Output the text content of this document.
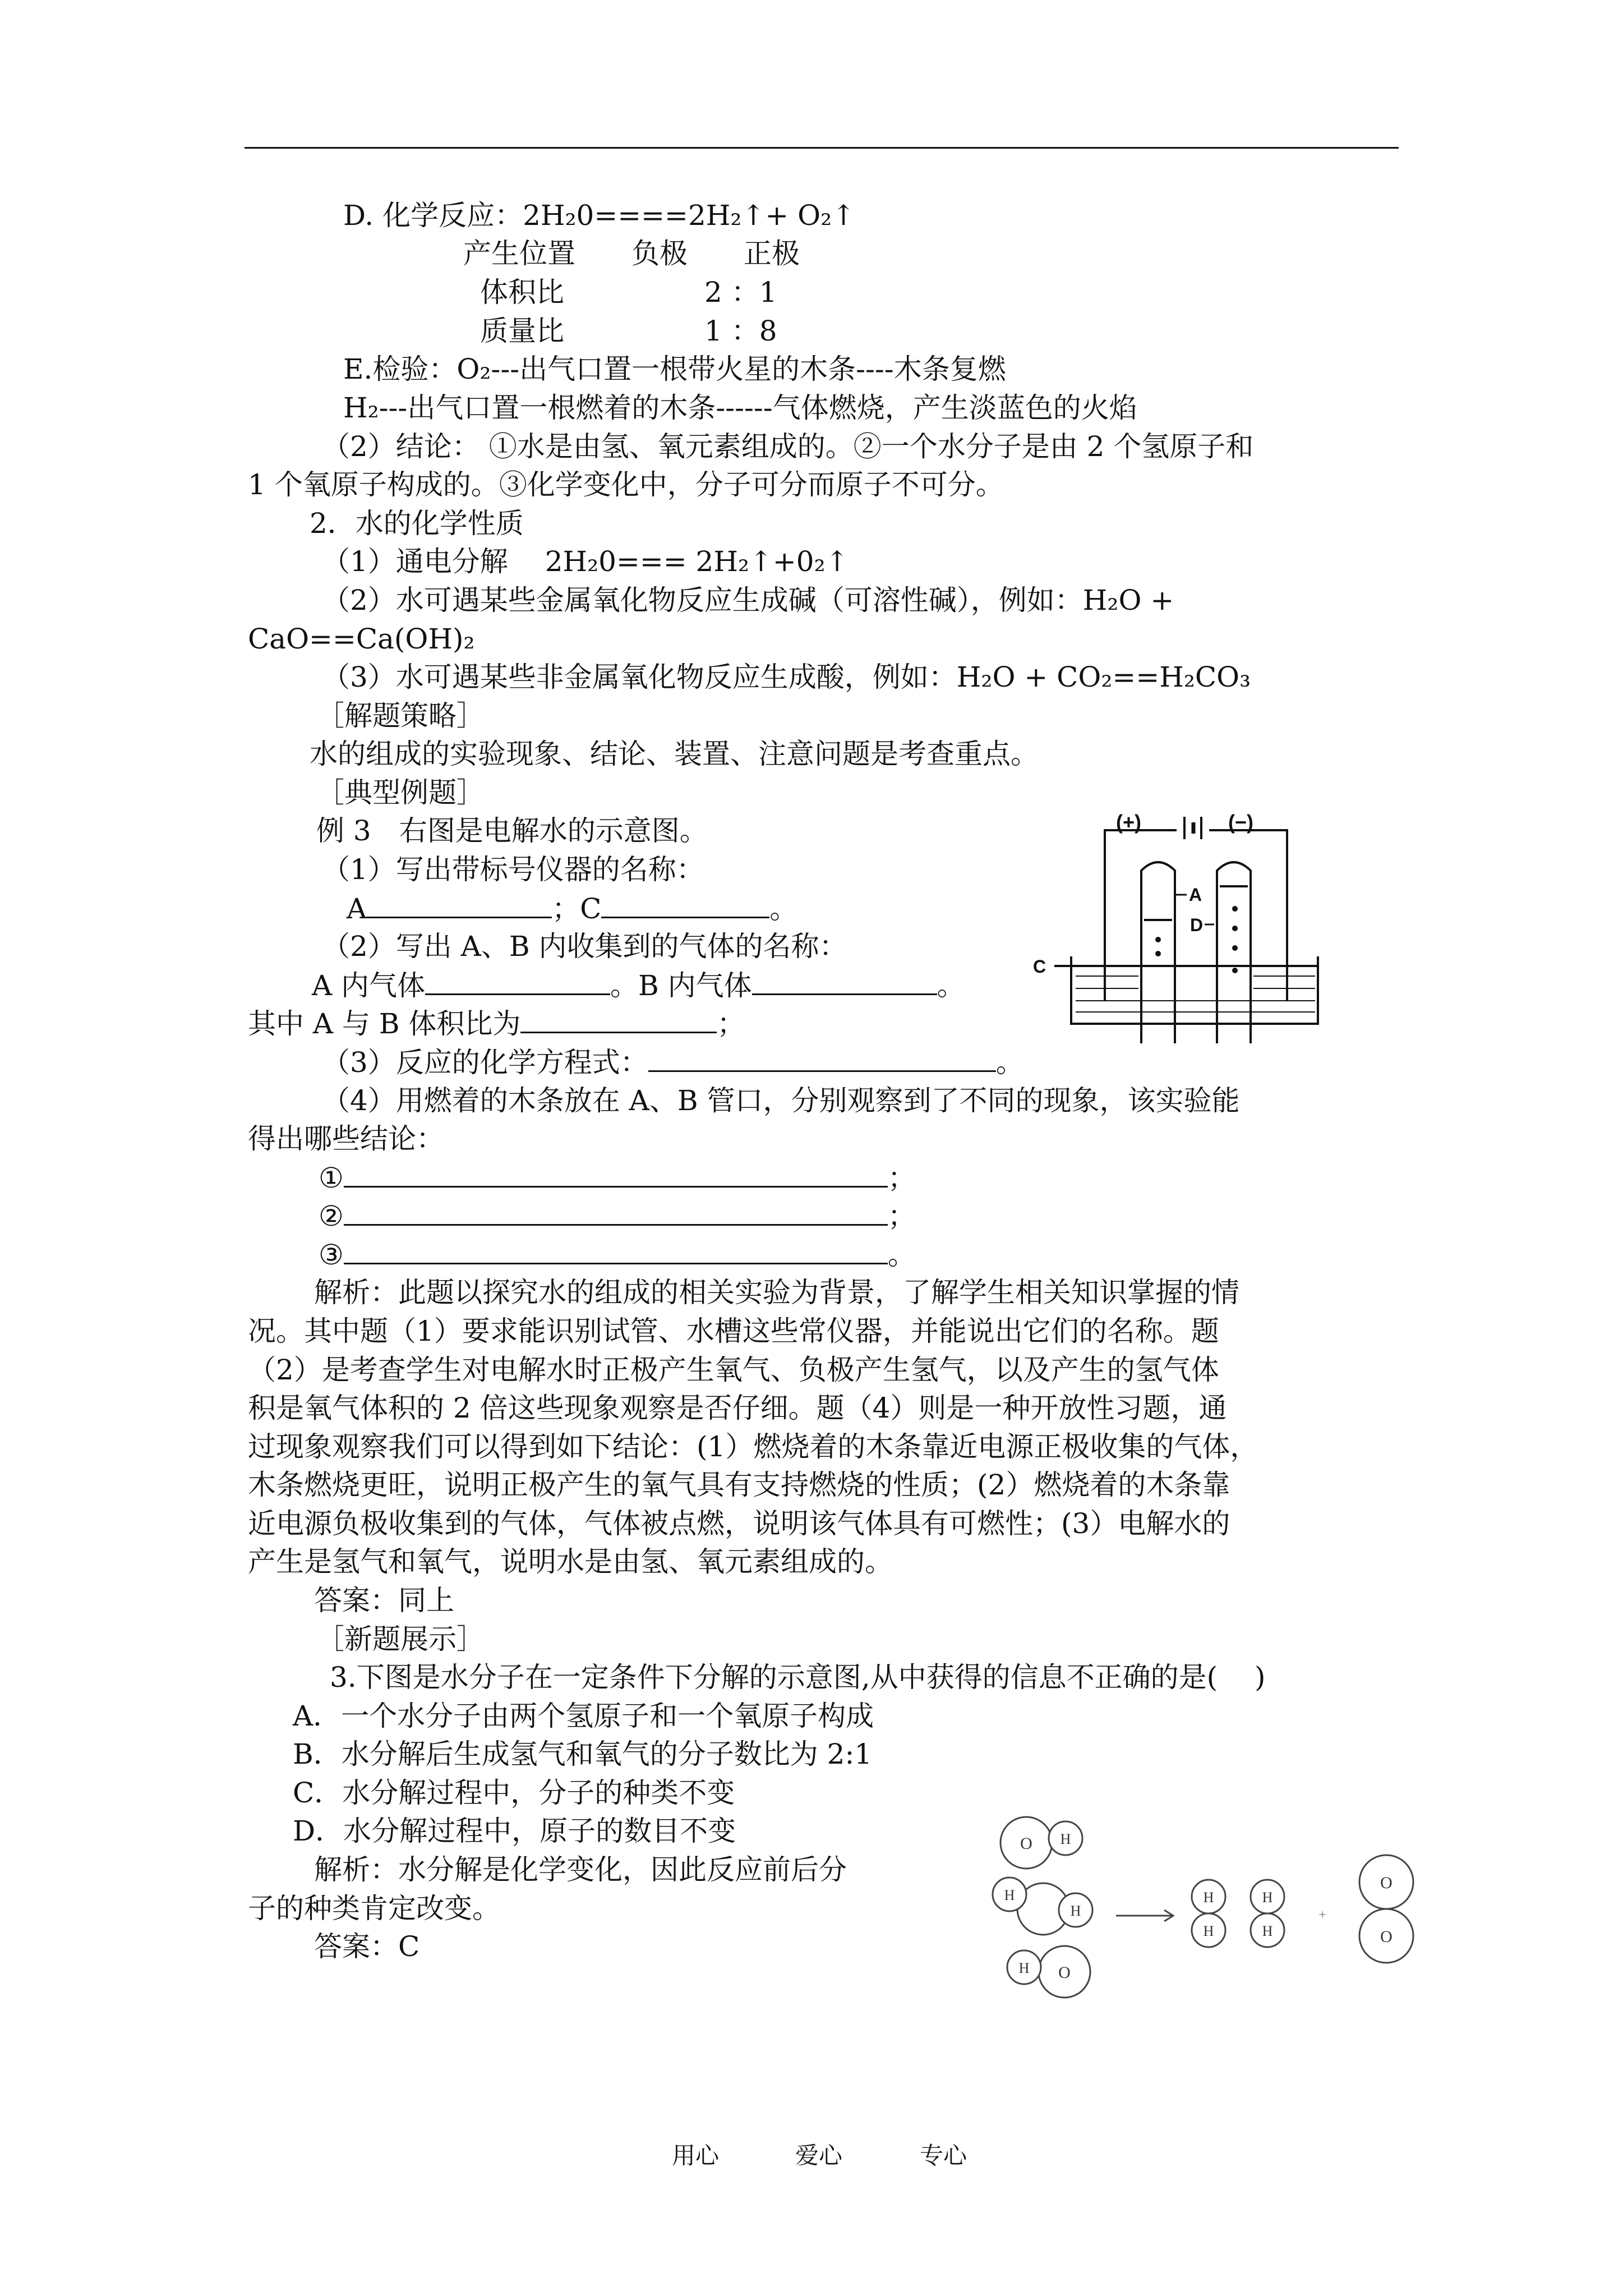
D. 化学反应：2H₂0====2H₂↑+ O₂↑
产生位置　　负极　　正极
体积比　　　　　2 ：1
质量比　　　　　1 ：8
E.检验：O₂---出气口置一根带火星的木条----木条复燃
H₂---出气口置一根燃着的木条------气体燃烧，产生淡蓝色的火焰
（2）结论： ①水是由氢、氧元素组成的。②一个水分子是由 2 个氢原子和
1 个氧原子构成的。③化学变化中，分子可分而原子不可分。
2．水的化学性质
（1）通电分解　 2H₂0=== 2H₂↑+0₂↑
（2）水可遇某些金属氧化物反应生成碱（可溶性碱），例如：H₂O +
CaO==Ca(OH)₂
（3）水可遇某些非金属氧化物反应生成酸，例如：H₂O + CO₂==H₂CO₃
［解题策略］
水的组成的实验现象、结论、装置、注意问题是考查重点。
［典型例题］
例 3　右图是电解水的示意图。
（1）写出带标号仪器的名称：
A	；C	。
（2）写出 A、B 内收集到的气体的名称：
A 内气体	。B 内气体	。
其中 A 与 B 体积比为	；
（3）反应的化学方程式：	。
（4）用燃着的木条放在 A、B 管口，分别观察到了不同的现象，该实验能
得出哪些结论：
①	；
②	；
③	。
解析：此题以探究水的组成的相关实验为背景，了解学生相关知识掌握的情
况。其中题（1）要求能识别试管、水槽这些常仪器，并能说出它们的名称。题
（2）是考查学生对电解水时正极产生氧气、负极产生氢气，以及产生的氢气体
积是氧气体积的 2 倍这些现象观察是否仔细。题（4）则是一种开放性习题，通
过现象观察我们可以得到如下结论：(1）燃烧着的木条靠近电源正极收集的气体，
木条燃烧更旺，说明正极产生的氧气具有支持燃烧的性质；(2）燃烧着的木条靠
近电源负极收集到的气体，气体被点燃，说明该气体具有可燃性；(3）电解水的
产生是氢气和氧气，说明水是由氢、氧元素组成的。
答案：同上
［新题展示］
3.下图是水分子在一定条件下分解的示意图,从中获得的信息不正确的是(　 )
A．一个水分子由两个氢原子和一个氧原子构成
B．水分解后生成氢气和氧气的分子数比为 2:1
C．水分解过程中，分子的种类不变
D．水分解过程中，原子的数目不变
解析：水分解是化学变化，因此反应前后分
子的种类肯定改变。
答案：C
(+)	(−)
A
D
C
O H
H
H
O
H
H
H
H
H
+
O
O
用心	爱心	专心
